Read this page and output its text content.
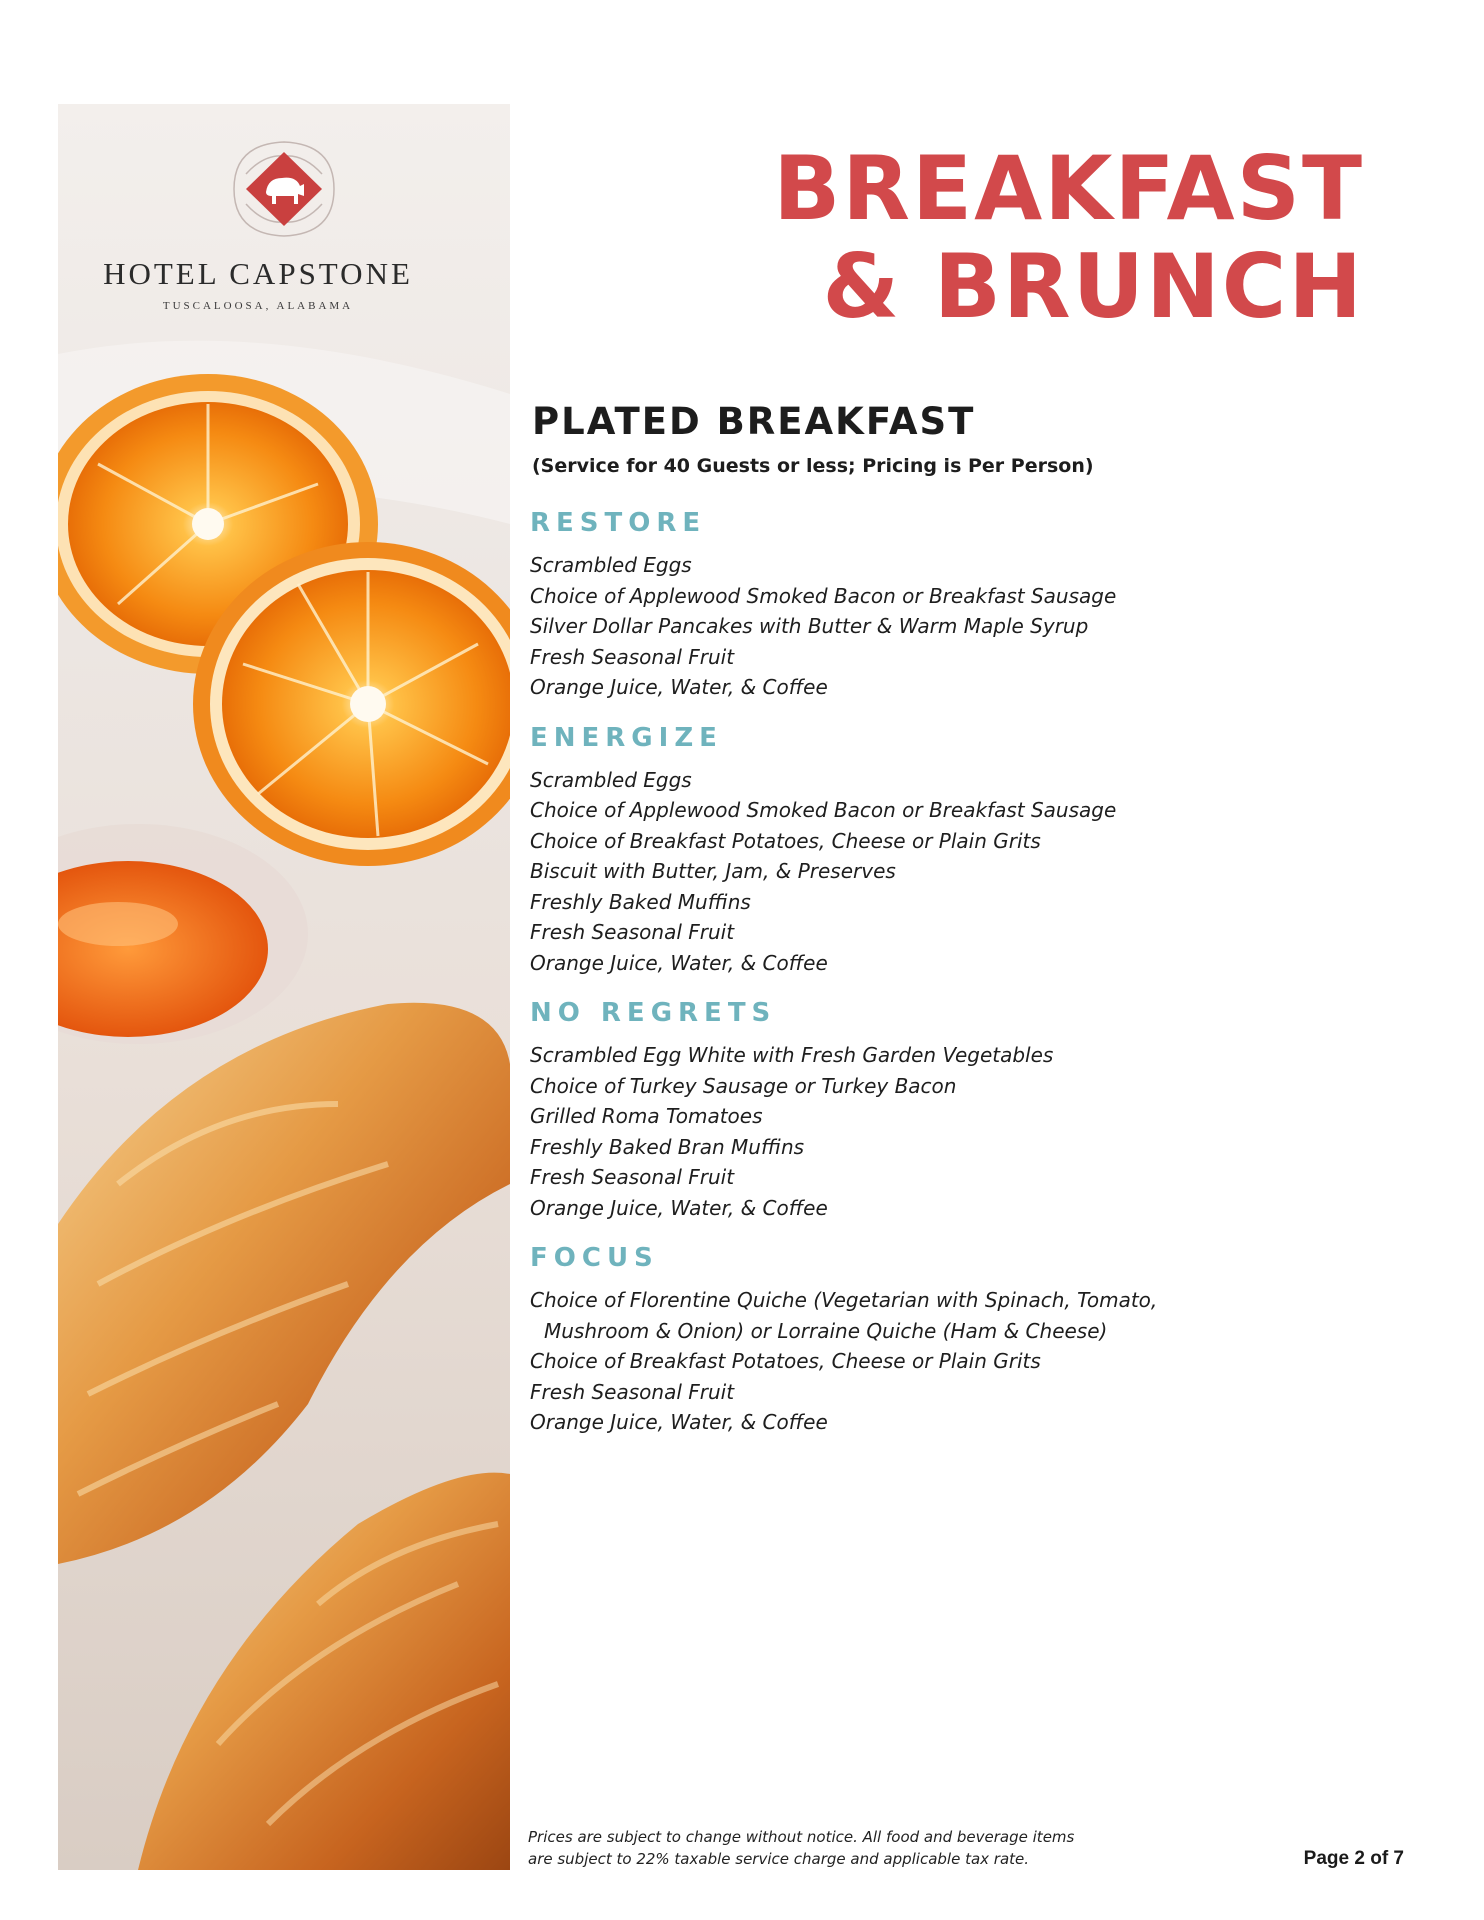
HOTEL CAPSTONE
TUSCALOOSA, ALABAMA
BREAKFAST
& BRUNCH
PLATED BREAKFAST
(Service for 40 Guests or less; Pricing is Per Person)
RESTORE

Scrambled Eggs

Choice of Applewood Smoked Bacon or Breakfast Sausage

Silver Dollar Pancakes with Butter & Warm Maple Syrup

Fresh Seasonal Fruit

Orange Juice, Water, & Coffee

ENERGIZE

Scrambled Eggs

Choice of Applewood Smoked Bacon or Breakfast Sausage

Choice of Breakfast Potatoes, Cheese or Plain Grits

Biscuit with Butter, Jam, & Preserves

Freshly Baked Muffins

Fresh Seasonal Fruit

Orange Juice, Water, & Coffee

NO REGRETS

Scrambled Egg White with Fresh Garden Vegetables

Choice of Turkey Sausage or Turkey Bacon

Grilled Roma Tomatoes

Freshly Baked Bran Muffins

Fresh Seasonal Fruit

Orange Juice, Water, & Coffee

FOCUS

Choice of Florentine Quiche (Vegetarian with Spinach, Tomato,

Mushroom & Onion) or Lorraine Quiche (Ham & Cheese)

Choice of Breakfast Potatoes, Cheese or Plain Grits

Fresh Seasonal Fruit

Orange Juice, Water, & Coffee

Prices are subject to change without notice. All food and beverage items
are subject to 22% taxable service charge and applicable tax rate.	Page 2 of 7
